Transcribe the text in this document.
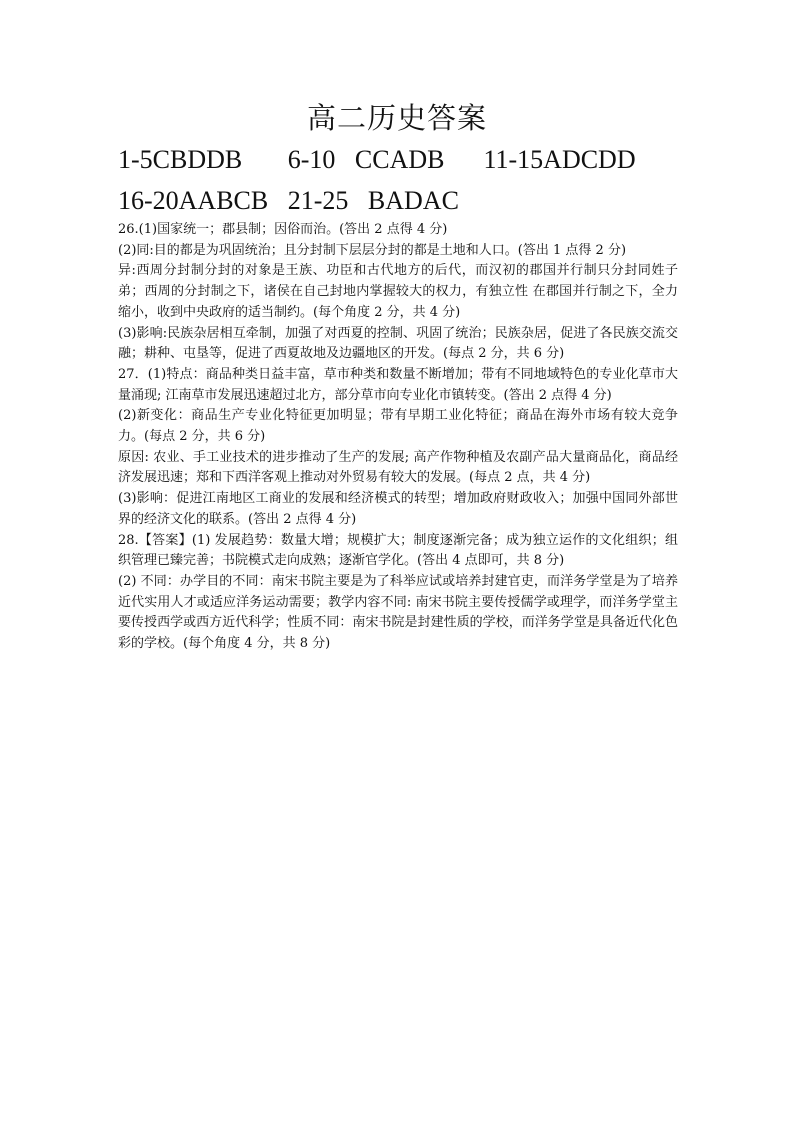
高二历史答案
1-5CBDDB       6-10   CCADB      11-15ADCDD
16-20AABCB   21-25   BADAC

26.(1)国家统一；郡县制；因俗而治。(答出 2 点得 4 分)

(2)同:目的都是为巩固统治；且分封制下层层分封的都是土地和人口。(答出 1 点得 2 分)

异:西周分封制分封的对象是王族、功臣和古代地方的后代，而汉初的郡国并行制只分封同姓子弟；西周的分封制之下，诸侯在自己封地内掌握较大的权力，有独立性 在郡国并行制之下，全力缩小，收到中央政府的适当制约。(每个角度 2 分，共 4 分)

(3)影响:民族杂居相互牵制，加强了对西夏的控制、巩固了统治；民族杂居，促进了各民族交流交融；耕种、屯垦等，促进了西夏故地及边疆地区的开发。(每点 2 分，共 6 分)

27．(1)特点：商品种类日益丰富，草市种类和数量不断增加；带有不同地域特色的专业化草市大量涌现; 江南草市发展迅速超过北方，部分草市向专业化市镇转变。(答出 2 点得 4 分)

(2)新变化：商品生产专业化特征更加明显；带有早期工业化特征；商品在海外市场有较大竞争力。(每点 2 分，共 6 分)

原因: 农业、手工业技术的进步推动了生产的发展; 高产作物种植及农副产品大量商品化，商品经济发展迅速；郑和下西洋客观上推动对外贸易有较大的发展。(每点 2 点，共 4 分)

(3)影响：促进江南地区工商业的发展和经济模式的转型；增加政府财政收入；加强中国同外部世界的经济文化的联系。(答出 2 点得 4 分)

28.【答案】(1) 发展趋势：数量大增；规模扩大；制度逐渐完备；成为独立运作的文化组织；组织管理已臻完善；书院模式走向成熟；逐渐官学化。(答出 4 点即可，共 8 分)

(2) 不同：办学目的不同：南宋书院主要是为了科举应试或培养封建官吏，而洋务学堂是为了培养近代实用人才或适应洋务运动需要；教学内容不同: 南宋书院主要传授儒学或理学，而洋务学堂主要传授西学或西方近代科学；性质不同：南宋书院是封建性质的学校，而洋务学堂是具备近代化色彩的学校。(每个角度 4 分，共 8 分)
